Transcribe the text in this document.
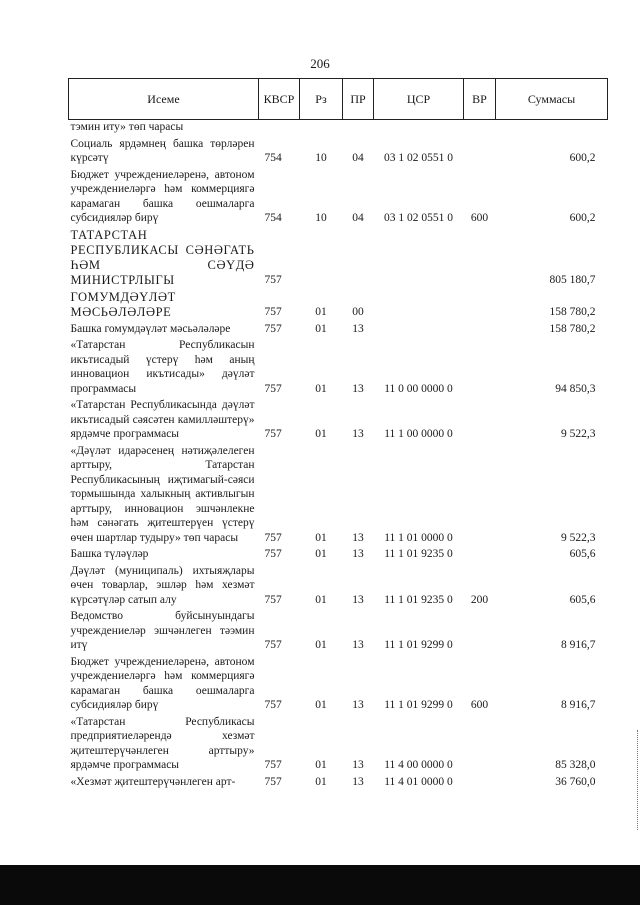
206
Исеме	КВСР	Рз	ПР	ЦСР	ВР	Суммасы
тэмин иту» төп чарасы						
Социаль ярдәмнең башка төрләрен күрсәтү	754	10	04	03 1 02 0551 0		600,2
Бюджет учреждениеләренә, автоном учреждениеләргә һәм коммерциягә карамаган башка оешмаларга субсидияләр бирү	754	10	04	03 1 02 0551 0	600	600,2
ТАТАРСТАН РЕСПУБЛИКАСЫ СӘНӘГАТЬ ҺӘМ СӘҮДӘ МИНИСТРЛЫГЫ	757					805 180,7
ГОМУМДӘҮЛӘТ МӘСЬӘЛӘЛӘРЕ	757	01	00			158 780,2
Башка гомумдәүләт мәсьәләләре	757	01	13			158 780,2
«Татарстан Республикасын икътисадый үстерү һәм аның инновацион икътисады» дәүләт программасы	757	01	13	11 0 00 0000 0		94 850,3
«Татарстан Республикасында дәүләт икътисадый сәясәтен камилләштерү» ярдәмче программасы	757	01	13	11 1 00 0000 0		9 522,3
«Дәүләт идарәсенең нәтиҗәлелеген арттыру, Татарстан Республикасының иҗтимагый-сәяси тормышында халыкның активлыгын арттыру, инновацион эшчәнлекне һәм сәнәгать җитештерүен үстерү өчен шартлар тудыру» төп чарасы	757	01	13	11 1 01 0000 0		9 522,3
Башка түләүләр	757	01	13	11 1 01 9235 0		605,6
Дәүләт (муниципаль) ихтыяҗлары өчен товарлар, эшләр һәм хезмәт күрсәтүләр сатып алу	757	01	13	11 1 01 9235 0	200	605,6
Ведомство буйсынуындагы учреждениеләр эшчәнлеген тәэмин итү	757	01	13	11 1 01 9299 0		8 916,7
Бюджет учреждениеләренә, автоном учреждениеләргә һәм коммерциягә карамаган башка оешмаларга субсидияләр бирү	757	01	13	11 1 01 9299 0	600	8 916,7
«Татарстан Республикасы предприятиеләрендә хезмәт җитештерүчәнлеген арттыру» ярдәмче программасы	757	01	13	11 4 00 0000 0		85 328,0
«Хезмәт җитештерүчәнлеген арт-	757	01	13	11 4 01 0000 0		36 760,0
